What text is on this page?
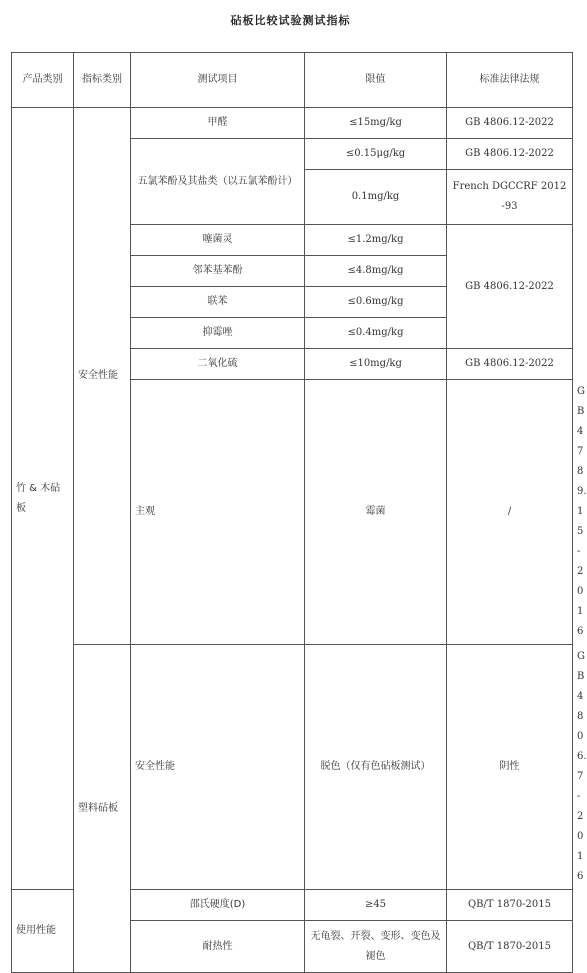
砧板比较试验测试指标
产品类别	指标类别	测试项目	限值	标准法律法规	
竹 & 木砧板	安全性能	甲醛	≤15mg/kg	GB 4806.12-2022	
		五氯苯酚及其盐类（以五氯苯酚计）	≤0.15μg/kg	GB 4806.12-2022	
			0.1mg/kg	French DGCCRF 2012-93	
		噻菌灵	≤1.2mg/kg	GB 4806.12-2022	
		邻苯基苯酚	≤4.8mg/kg		
		联苯	≤0.6mg/kg		
		抑霉唑	≤0.4mg/kg		
		二氧化硫	≤10mg/kg	GB 4806.12-2022	
		主观	霉菌	/	GB 4789.15-2016
	塑料砧板	安全性能	脱色（仅有色砧板测试）	阴性	GB 4806.7-2016
使用性能		邵氏硬度(D)	≥45	QB/T 1870-2015	
		耐热性	无龟裂、开裂、变形、变色及褪色	QB/T 1870-2015	
